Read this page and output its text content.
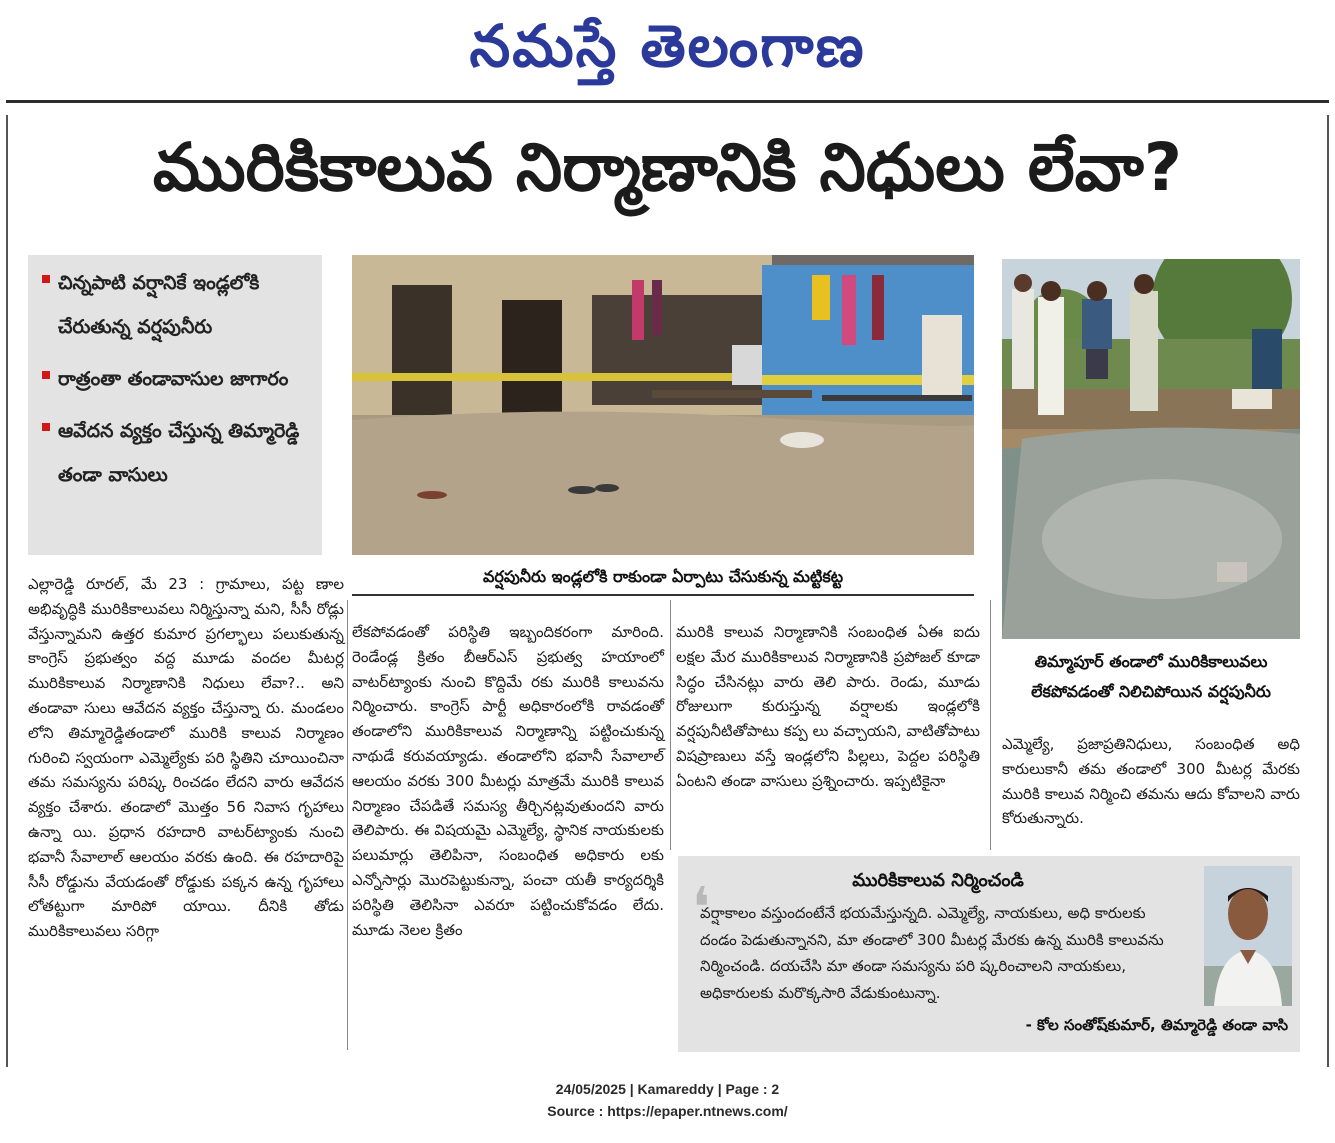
నమస్తే తెలంగాణ
మురికికాలువ నిర్మాణానికి నిధులు లేవా?
చిన్నపాటి వర్షానికే ఇండ్లలోకి చేరుతున్న వర్షపునీరు
రాత్రంతా తండావాసుల జాగారం
ఆవేదన వ్యక్తం చేస్తున్న తిమ్మారెడ్డి తండా వాసులు
వర్షపునీరు ఇండ్లలోకి రాకుండా ఏర్పాటు చేసుకున్న మట్టికట్ట
తిమ్మాపూర్ తండాలో మురికికాలువలు లేకపోవడంతో నిలిచిపోయిన వర్షపునీరు
ఎల్లారెడ్డి రూరల్, మే 23 : గ్రామాలు, పట్ట ణాల అభివృద్ధికి మురికికాలువలు నిర్మిస్తున్నా మని, సీసీ రోడ్లు వేస్తున్నామని ఉత్తర కుమార ప్రగల్భాలు పలుకుతున్న కాంగ్రెస్ ప్రభుత్వం వద్ద మూడు వందల మీటర్ల మురికికాలువ నిర్మాణానికి నిధులు లేవా?.. అని తండావా సులు ఆవేదన వ్యక్తం చేస్తున్నా రు. మండలం లోని తిమ్మారెడ్డితండాలో మురికి కాలువ నిర్మాణం గురించి స్వయంగా ఎమ్మెల్యేకు పరి స్థితిని చూయించినా తమ సమస్యను పరిష్క రించడం లేదని వారు ఆవేదన వ్యక్తం చేశారు. తండాలో మొత్తం 56 నివాస గృహాలు ఉన్నా యి. ప్రధాన రహదారి వాటర్‌ట్యాంకు నుంచి భవానీ సేవాలాల్ ఆలయం వరకు ఉంది. ఈ రహదారిపై సీసీ రోడ్డును వేయడంతో రోడ్డుకు పక్కన ఉన్న గృహాలు లోతట్టుగా మారిపో యాయి. దీనికి తోడు మురికికాలువలు సరిగ్గా
లేకపోవడంతో పరిస్థితి ఇబ్బందికరంగా మారింది. రెండేండ్ల క్రితం బీఆర్‌ఎస్ ప్రభుత్వ హయాంలో వాటర్‌ట్యాంకు నుంచి కొద్దిమే రకు మురికి కాలువను నిర్మించారు. కాంగ్రెస్ పార్టీ అధికారంలోకి రావడంతో తండాలోని మురికికాలువ నిర్మాణాన్ని పట్టించుకున్న నాథుడే కరువయ్యాడు. తండాలోని భవానీ సేవాలాల్ ఆలయం వరకు 300 మీటర్లు మాత్రమే మురికి కాలువ నిర్మాణం చేపడితే సమస్య తీర్చినట్లవుతుందని వారు తెలిపారు. ఈ విషయమై ఎమ్మెల్యే, స్థానిక నాయకులకు పలుమార్లు తెలిపినా, సంబంధిత అధికారు లకు ఎన్నోసార్లు మొరపెట్టుకున్నా, పంచా యతీ కార్యదర్శికి పరిస్థితి తెలిసినా ఎవరూ పట్టించుకోవడం లేదు. మూడు నెలల క్రితం
మురికి కాలువ నిర్మాణానికి సంబంధిత ఏఈ ఐదు లక్షల మేర మురికికాలువ నిర్మాణానికి ప్రపోజల్ కూడా సిద్ధం చేసినట్లు వారు తెలి పారు. రెండు, మూడు రోజులుగా కురుస్తున్న వర్షాలకు ఇండ్లలోకి వర్షపునీటితోపాటు కప్ప లు వచ్చాయని, వాటితోపాటు విషప్రాణులు వస్తే ఇండ్లలోని పిల్లలు, పెద్దల పరిస్థితి ఏంటని తండా వాసులు ప్రశ్నించారు. ఇప్పటికైనా
ఎమ్మెల్యే, ప్రజాప్రతినిధులు, సంబంధిత అధి కారులుకానీ తమ తండాలో 300 మీటర్ల మేరకు మురికి కాలువ నిర్మించి తమను ఆదు కోవాలని వారు కోరుతున్నారు.
❛	మురికికాలువ నిర్మించండి
వర్షాకాలం వస్తుందంటేనే భయమేస్తున్నది. ఎమ్మెల్యే, నాయకులు, అధి కారులకు దండం పెడుతున్నానని, మా తండాలో 300 మీటర్ల మేరకు ఉన్న మురికి కాలువను నిర్మించండి. దయచేసి మా తండా సమస్యను పరి ష్కరించాలని నాయకులు, అధికారులకు మరొక్కసారి వేడుకుంటున్నా.
- కోల సంతోష్‌కుమార్, తిమ్మారెడ్డి తండా వాసి
24/05/2025 | Kamareddy | Page : 2
Source : https://epaper.ntnews.com/
